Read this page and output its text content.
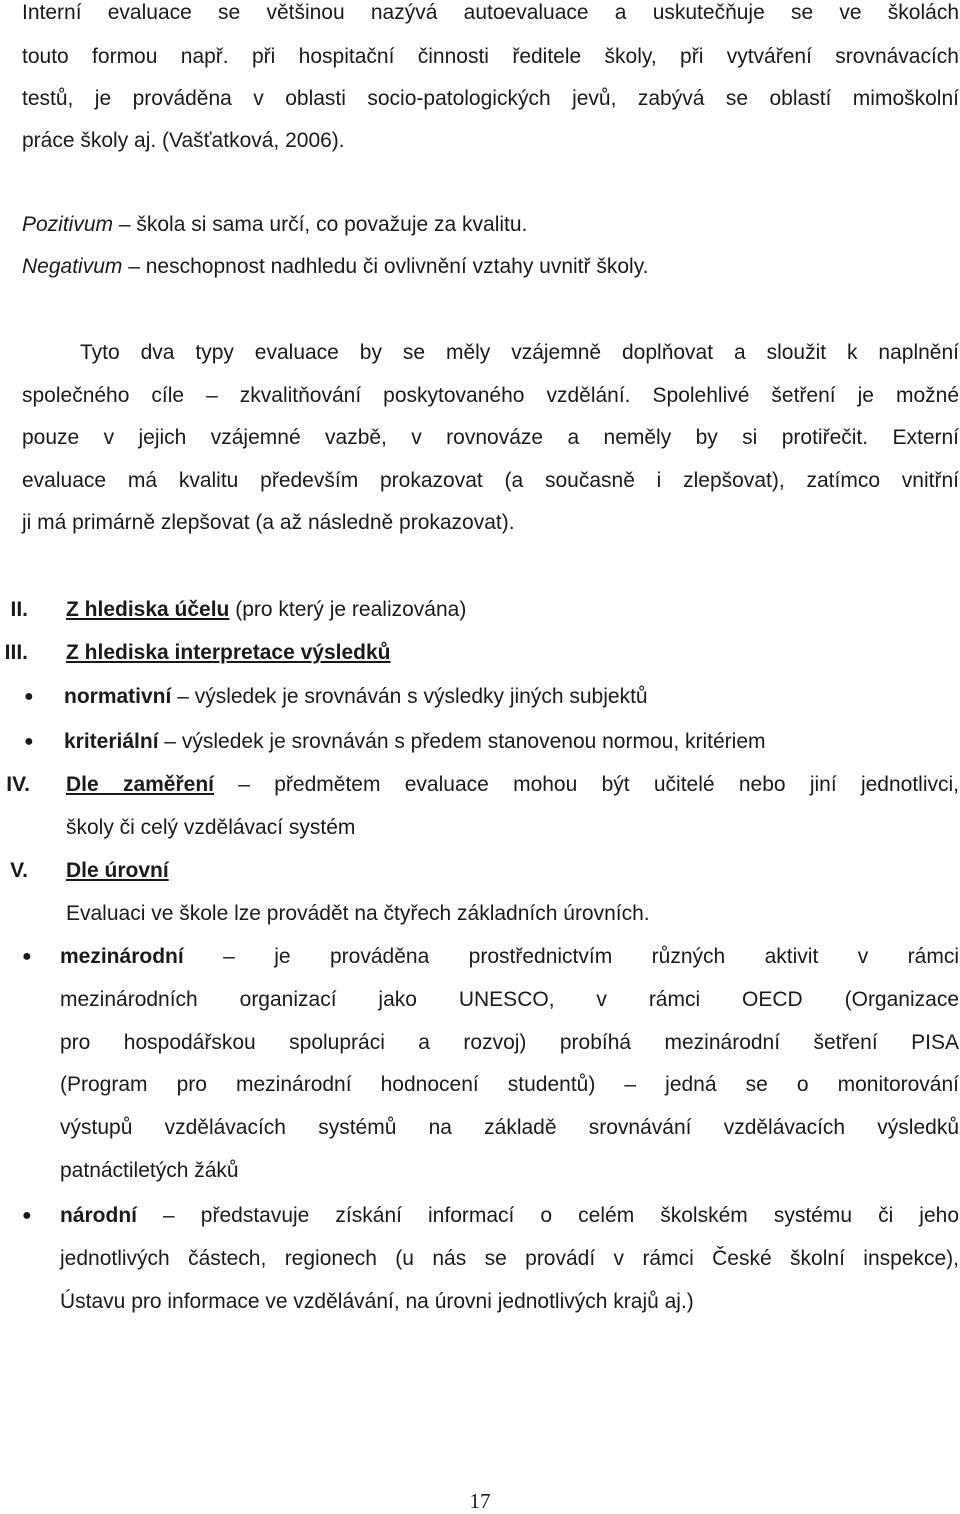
Interní evaluace se většinou nazývá autoevaluace a uskutečňuje se ve školách
touto formou např. při hospitační činnosti ředitele školy, při vytváření srovnávacích
testů, je prováděna v oblasti socio-patologických jevů, zabývá se oblastí mimoškolní
práce školy aj. (Vašťatková, 2006).
Pozitivum – škola si sama určí, co považuje za kvalitu.
Negativum – neschopnost nadhledu či ovlivnění vztahy uvnitř školy.
Tyto dva typy evaluace by se měly vzájemně doplňovat a sloužit k naplnění
společného cíle – zkvalitňování poskytovaného vzdělání. Spolehlivé šetření je možné
pouze v jejich vzájemné vazbě, v rovnováze a neměly by si protiřečit. Externí
evaluace má kvalitu především prokazovat (a současně i zlepšovat), zatímco vnitřní
ji má primárně zlepšovat (a až následně prokazovat).
II. Z hlediska účelu (pro který je realizována)
III. Z hlediska interpretace výsledků
● normativní – výsledek je srovnáván s výsledky jiných subjektů
● kriteriální – výsledek je srovnáván s předem stanovenou normou, kritériem
IV. Dle zaměření – předmětem evaluace mohou být učitelé nebo jiní jednotlivci,
školy či celý vzdělávací systém
V. Dle úrovní
Evaluaci ve škole lze provádět na čtyřech základních úrovních.
● mezinárodní – je prováděna prostřednictvím různých aktivit v rámci
mezinárodních organizací jako UNESCO, v rámci OECD (Organizace
pro hospodářskou spolupráci a rozvoj) probíhá mezinárodní šetření PISA
(Program pro mezinárodní hodnocení studentů) – jedná se o monitorování
výstupů vzdělávacích systémů na základě srovnávání vzdělávacích výsledků
patnáctiletých žáků
● národní – představuje získání informací o celém školském systému či jeho
jednotlivých částech, regionech (u nás se provádí v rámci České školní inspekce),
Ústavu pro informace ve vzdělávání, na úrovni jednotlivých krajů aj.)
17
